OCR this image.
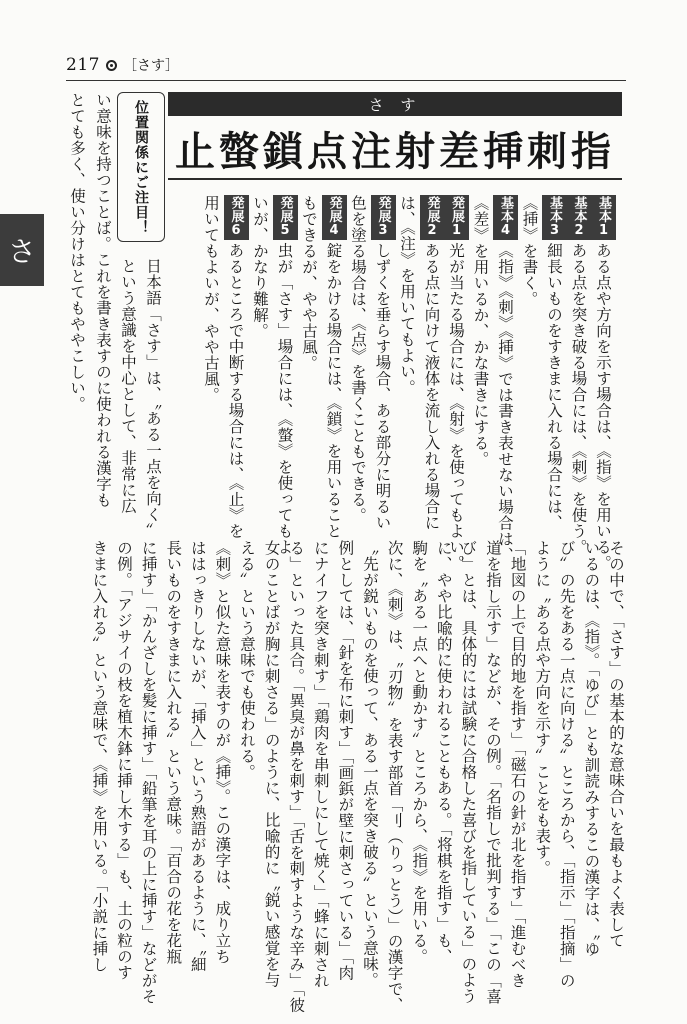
217 ［さす］
さ
さ す
止螫鎖点注射差挿刺指
位置関係にご注目！	基本1ある点や方向を示す場合は、《指》を用いる。
基本2ある点を突き破る場合には、《刺》を使う。
基本3細長いものをすきまに入れる場合には、
《挿》を書く。
基本4《指》《刺》《挿》では書き表せない場合は、
《差》を用いるか、かな書きにする。
発展1光が当たる場合には、《射》を使ってもよい。
発展2ある点に向けて液体を流し入れる場合に
は、《注》を用いてもよい。
発展3しずくを垂らす場合、ある部分に明るい
色を塗る場合は、《点》を書くこともできる。
発展4錠をかける場合には、《鎖》を用いること
もできるが、やや古風。
発展5虫が「さす」場合には、《螫》を使ってもよ
いが、かなり難解。
発展6あるところで中断する場合には、《止》を
用いてもよいが、やや古風。
日本語「さす」は、〝ある一点を向く〟
という意識を中心として、非常に広
い意味を持つことば。これを書き表すのに使われる漢字も
とても多く、使い分けはとてもややこしい。
その中で、「さす」の基本的な意味合いを最もよく表して
いるのは、《指》。「ゆび」とも訓読みするこの漢字は、〝ゆ
び〟の先をある一点に向ける〟ところから、「指示」「指摘」の
ように〝ある点や方向を示す〟ことをも表す。
「地図の上で目的地を指す」「磁石の針が北を指す」「進むべき
道を指し示す」などが、その例。「名指しで批判する」「この「喜
び」とは、具体的には試験に合格した喜びを指している」のよう
に、やや比喩的に使われることもある。「将棋を指す」も、
駒を〝ある一点へと動かす〟ところから、《指》を用いる。
次に、《刺》は、〝刃物〟を表す部首「刂（りっとう）」の漢字で、
〝先が鋭いものを使って、ある一点を突き破る〟という意味。
例としては、「針を布に刺す」「画鋲が壁に刺さっている」「肉
にナイフを突き刺す」「鶏肉を串刺しにして焼く」「蜂に刺され
る」といった具合。「異臭が鼻を刺す」「舌を刺すような辛み」「彼
女のことばが胸に刺さる」のように、比喩的に〝鋭い感覚を与
える〟という意味でも使われる。
《刺》と似た意味を表すのが《挿》。この漢字は、成り立ち
ははっきりしないが、「挿入」という熟語があるように、〝細
長いものをすきまに入れる〟という意味。「百合の花を花瓶
に挿す」「かんざしを髪に挿す」「鉛筆を耳の上に挿す」などがそ
の例。「アジサイの枝を植木鉢に挿し木する」も、土の粒のす
きまに入れる〟という意味で、《挿》を用いる。「小説に挿し
